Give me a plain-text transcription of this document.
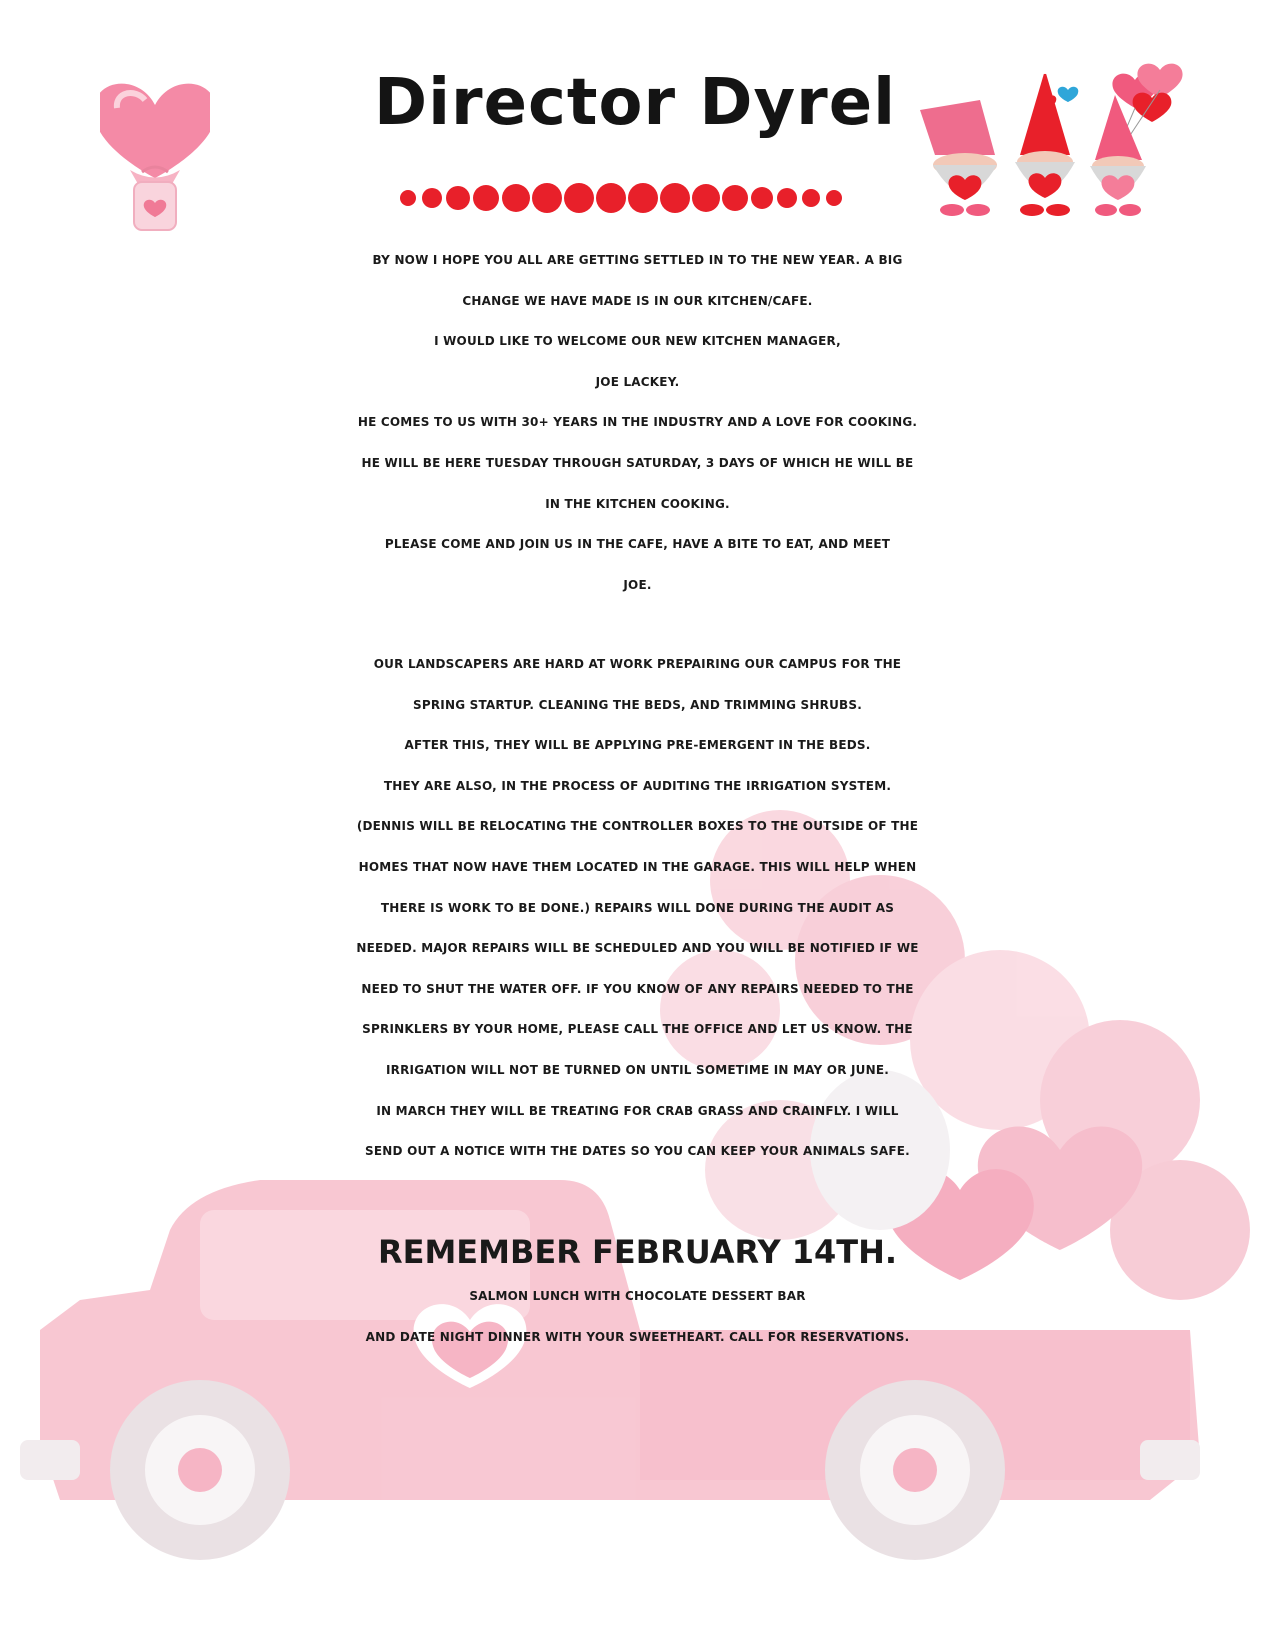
Director Dyrel
BY NOW I HOPE YOU ALL ARE GETTING SETTLED IN TO THE NEW YEAR. A BIG
CHANGE WE HAVE MADE IS IN OUR KITCHEN/CAFE.
I WOULD LIKE TO WELCOME OUR NEW KITCHEN MANAGER,
JOE LACKEY.
HE COMES TO US WITH 30+ YEARS IN THE INDUSTRY AND A LOVE FOR COOKING.
HE WILL BE HERE TUESDAY THROUGH SATURDAY, 3 DAYS OF WHICH HE WILL BE
IN THE KITCHEN COOKING.
PLEASE COME AND JOIN US IN THE CAFE, HAVE A BITE TO EAT, AND MEET
JOE.
OUR LANDSCAPERS ARE HARD AT WORK PREPAIRING OUR CAMPUS FOR THE
SPRING STARTUP. CLEANING THE BEDS, AND TRIMMING SHRUBS.
AFTER THIS, THEY WILL BE APPLYING PRE-EMERGENT IN THE BEDS.
THEY ARE ALSO, IN THE PROCESS OF AUDITING THE IRRIGATION SYSTEM.
(DENNIS WILL BE RELOCATING THE CONTROLLER BOXES TO THE OUTSIDE OF THE
HOMES THAT NOW HAVE THEM LOCATED IN THE GARAGE. THIS WILL HELP WHEN
THERE IS WORK TO BE DONE.) REPAIRS WILL DONE DURING THE AUDIT AS
NEEDED. MAJOR REPAIRS WILL BE SCHEDULED AND YOU WILL BE NOTIFIED IF WE
NEED TO SHUT THE WATER OFF. IF YOU KNOW OF ANY REPAIRS NEEDED TO THE
SPRINKLERS BY YOUR HOME, PLEASE CALL THE OFFICE AND LET US KNOW. THE
IRRIGATION WILL NOT BE TURNED ON UNTIL SOMETIME IN MAY OR JUNE.
IN MARCH THEY WILL BE TREATING FOR CRAB GRASS AND CRAINFLY. I WILL
SEND OUT A NOTICE WITH THE DATES SO YOU CAN KEEP YOUR ANIMALS SAFE.
REMEMBER FEBRUARY 14TH.
SALMON LUNCH WITH CHOCOLATE DESSERT BAR
AND DATE NIGHT DINNER WITH YOUR SWEETHEART. CALL FOR RESERVATIONS.
